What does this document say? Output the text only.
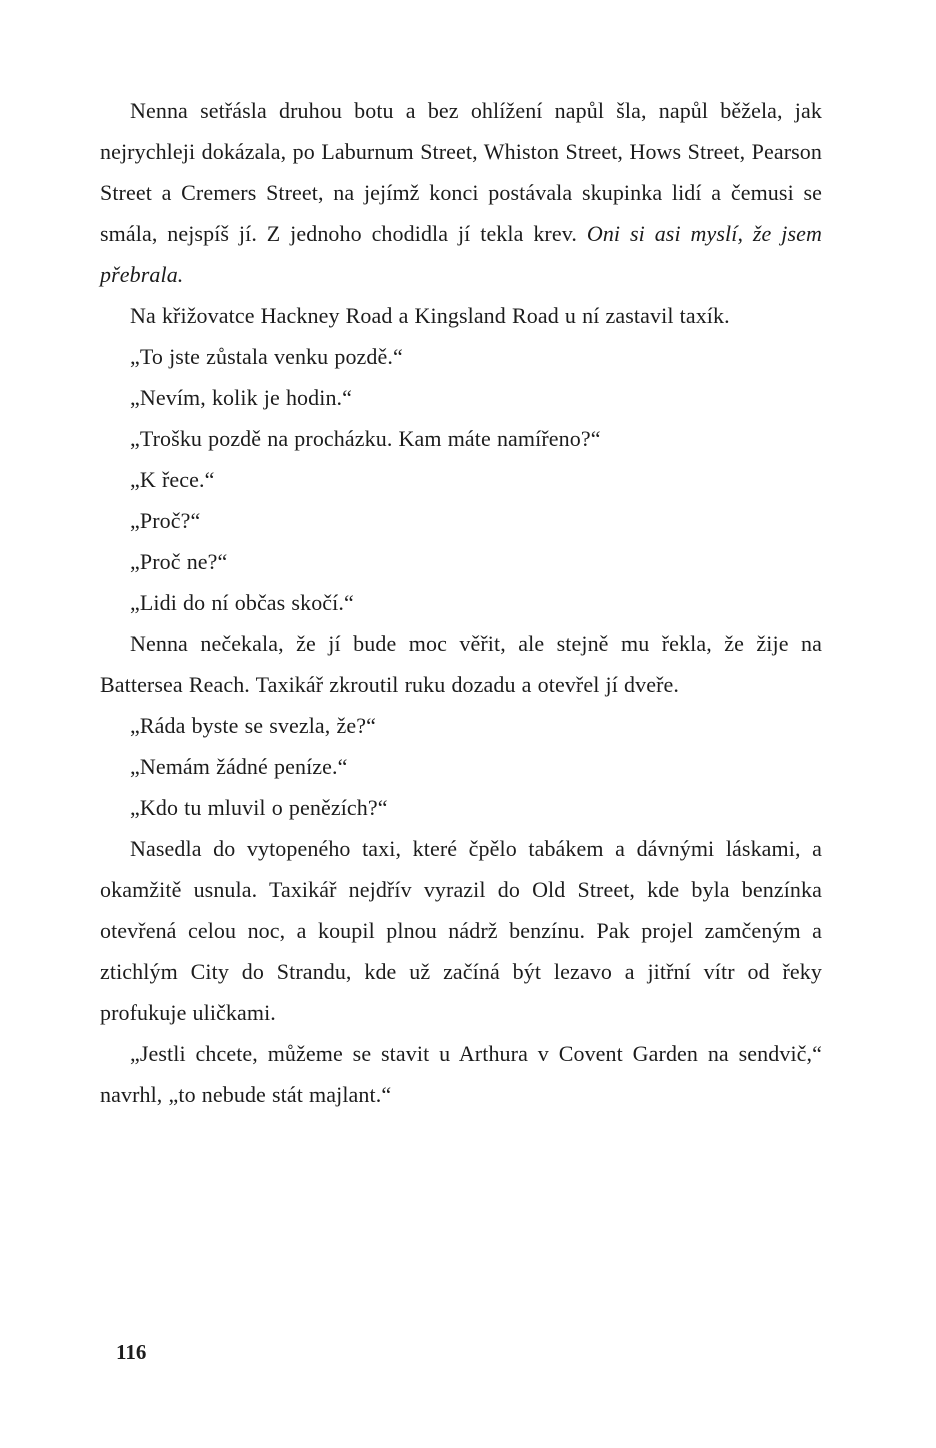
Nenna setřásla druhou botu a bez ohlížení napůl šla, napůl běžela, jak nejrychleji dokázala, po Laburnum Street, Whiston Street, Hows Street, Pearson Street a Cremers Street, na jejímž konci postávala skupinka lidí a čemusi se smála, nejspíš jí. Z jednoho chodidla jí tekla krev. Oni si asi myslí, že jsem přebrala.

Na křižovatce Hackney Road a Kingsland Road u ní zastavil taxík.

„To jste zůstala venku pozdě.“

„Nevím, kolik je hodin.“

„Trošku pozdě na procházku. Kam máte namířeno?“

„K řece.“

„Proč?“

„Proč ne?“

„Lidi do ní občas skočí.“

Nenna nečekala, že jí bude moc věřit, ale stejně mu řekla, že žije na Battersea Reach. Taxikář zkroutil ruku dozadu a otevřel jí dveře.

„Ráda byste se svezla, že?“

„Nemám žádné peníze.“

„Kdo tu mluvil o penězích?“

Nasedla do vytopeného taxi, které čpělo tabákem a dávnými láskami, a okamžitě usnula. Taxikář nejdřív vyrazil do Old Street, kde byla benzínka otevřená celou noc, a koupil plnou nádrž benzínu. Pak projel zamčeným a ztichlým City do Strandu, kde už začíná být lezavo a jitřní vítr od řeky profukuje uličkami.

„Jestli chcete, můžeme se stavit u Arthura v Covent Garden na sendvič,“ navrhl, „to nebude stát majlant.“

116
